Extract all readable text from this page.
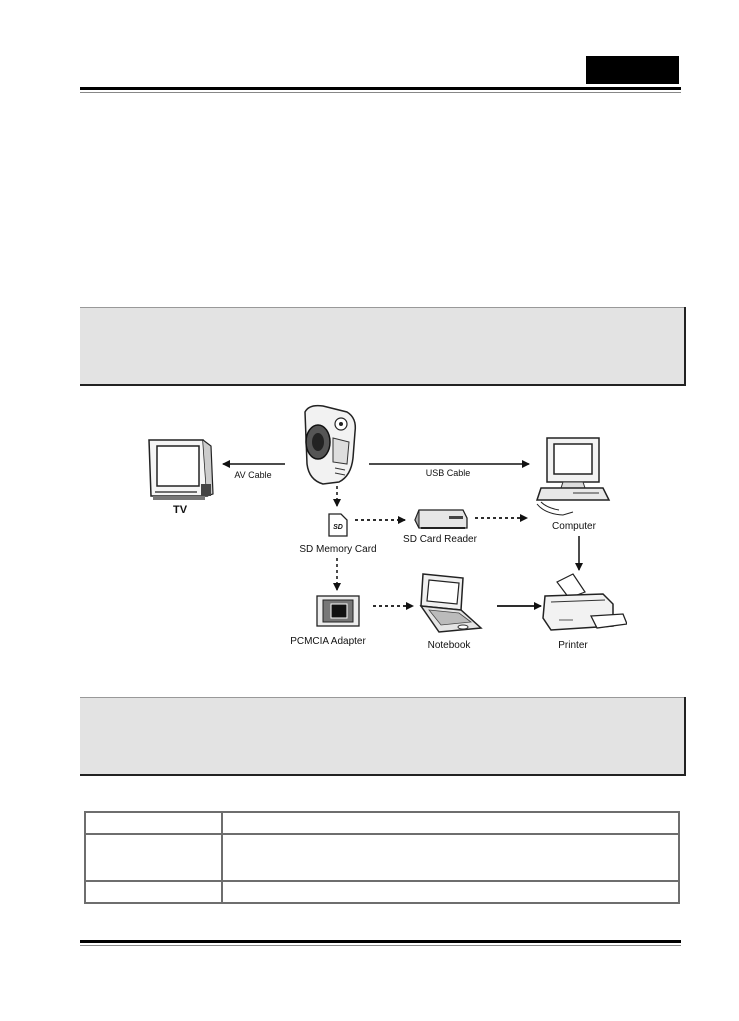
TV
AV Cable	USB Cable
Computer
SD
SD Memory Card
SD Card Reader
PCMCIA Adapter	Notebook	Printer
